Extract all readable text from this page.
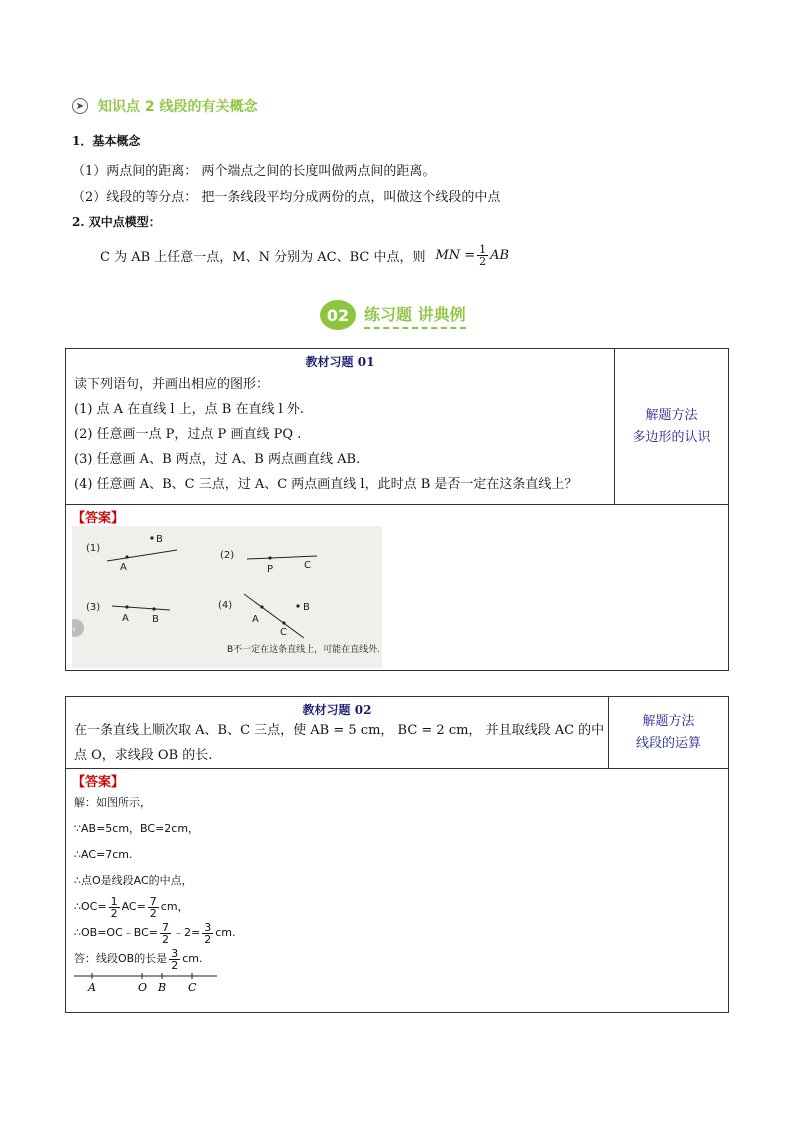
➤ 知识点 2 线段的有关概念
1．基本概念
（1）两点间的距离： 两个端点之间的长度叫做两点间的距离。
（2）线段的等分点： 把一条线段平均分成两份的点，叫做这个线段的中点
2. 双中点模型：
C 为 AB 上任意一点，M、N 分别为 AC、BC 中点，则 MN = $\frac{1}{2}$ AB
02 练习题 讲典例
教材习题 01
读下列语句，并画出相应的图形：
(1) 点 A 在直线 l 上，点 B 在直线 l 外.
(2) 任意画一点 P，过点 P 画直线 PQ .
(3) 任意画 A、B 两点，过 A、B 两点画直线 AB.
(4) 任意画 A、B、C 三点，过 A、C 两点画直线 l，此时点 B 是否一定在这条直线上？

解题方法
多边形的认识

【答案】
(1)
A
B
(2)
P	C
(3)
A B
(4)
A
C
B
B不一定在这条直线上，可能在直线外.
‹
教材习题 02
在一条直线上顺次取 A、B、C 三点，使 AB = 5 cm， BC = 2 cm， 并且取线段 AC 的中
点 O，求线段 OB 的长.

解题方法
线段的运算

【答案】
解：如图所示，
∵AB=5cm，BC=2cm，
∴AC=7cm.
∴点O是线段AC的中点，
∴OC= $\frac{1}{2} AC= \frac{7}{2}$ cm，
∴OB=OC﹣BC= $\frac{7}{2}$ ﹣2= $\frac{3}{2}$ cm.
答：线段OB的长是 $\frac{3}{2}$ cm.
A	O B C
